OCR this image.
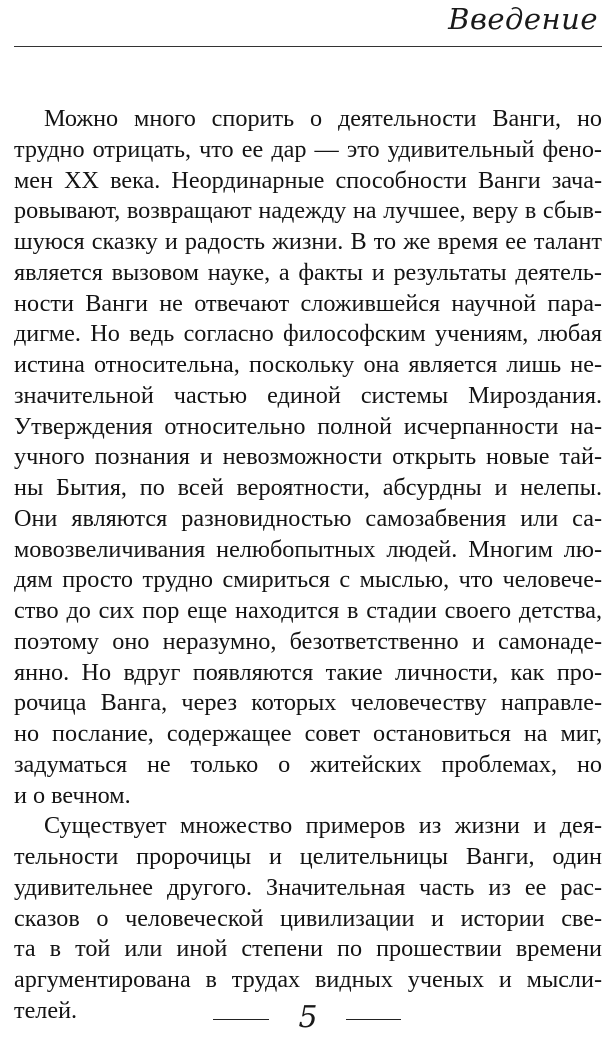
Введение
Можно много спорить о деятельности Ванги, но
трудно отрицать, что ее дар — это удивительный фено-
мен XX века. Неординарные способности Ванги зача-
ровывают, возвращают надежду на лучшее, веру в сбыв-
шуюся сказку и радость жизни. В то же время ее талант
является вызовом науке, а факты и результаты деятель-
ности Ванги не отвечают сложившейся научной пара-
дигме. Но ведь согласно философским учениям, любая
истина относительна, поскольку она является лишь не-
значительной частью единой системы Мироздания.
Утверждения относительно полной исчерпанности на-
учного познания и невозможности открыть новые тай-
ны Бытия, по всей вероятности, абсурдны и нелепы.
Они являются разновидностью самозабвения или са-
мовозвеличивания нелюбопытных людей. Многим лю-
дям просто трудно смириться с мыслью, что человече-
ство до сих пор еще находится в стадии своего детства,
поэтому оно неразумно, безответственно и самонаде-
янно. Но вдруг появляются такие личности, как про-
рочица Ванга, через которых человечеству направле-
но послание, содержащее совет остановиться на миг,
задуматься не только о житейских проблемах, но
и о вечном.
Существует множество примеров из жизни и дея-
тельности пророчицы и целительницы Ванги, один
удивительнее другого. Значительная часть из ее рас-
сказов о человеческой цивилизации и истории све-
та в той или иной степени по прошествии времени
аргументирована в трудах видных ученых и мысли-
телей.	5
